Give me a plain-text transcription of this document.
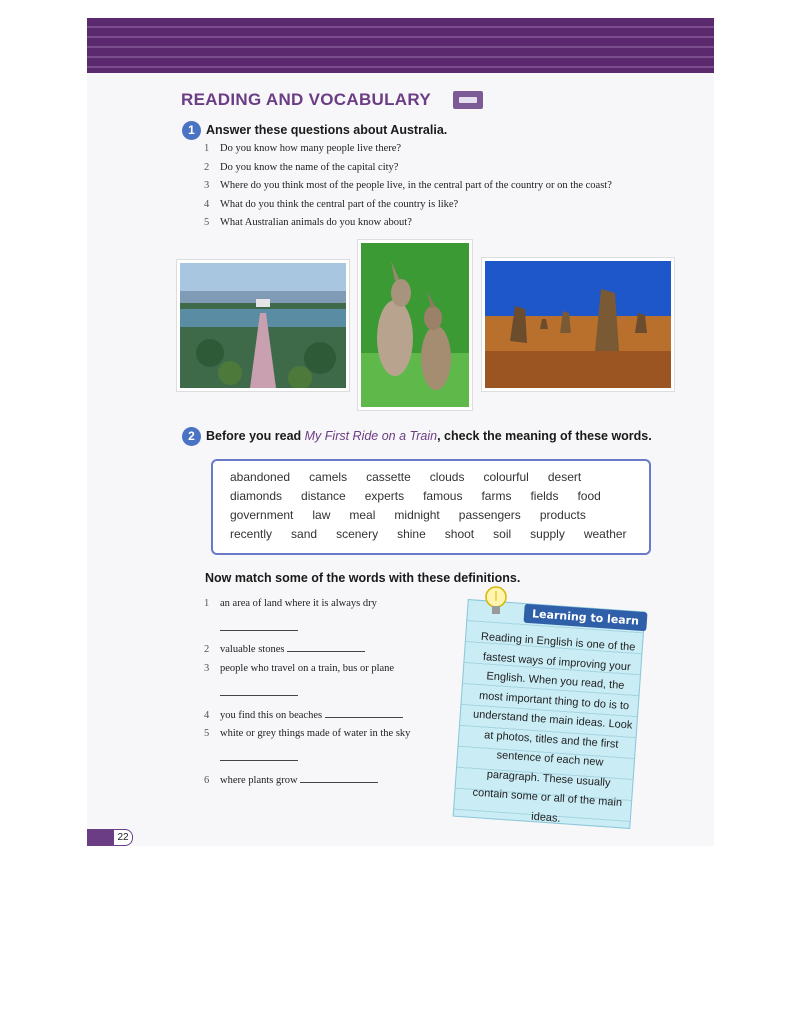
READING AND VOCABULARY
1 Answer these questions about Australia.
1 Do you know how many people live there?
2 Do you know the name of the capital city?
3 Where do you think most of the people live, in the central part of the country or on the coast?
4 What do you think the central part of the country is like?
5 What Australian animals do you know about?
2 Before you read My First Ride on a Train, check the meaning of these words.
abandoned camels cassette clouds colourful desert
diamonds distance experts famous farms fields food
government law meal midnight passengers products
recently sand scenery shine shoot soil supply weather
Now match some of the words with these definitions.
1 an area of land where it is always dry
2 valuable stones
3 people who travel on a train, bus or plane
4 you find this on beaches
5 white or grey things made of water in the sky
6 where plants grow
Learning to learn
Reading in English is one of the fastest ways of improving your English. When you read, the most important thing to do is to understand the main ideas. Look at photos, titles and the first sentence of each new paragraph. These usually contain some or all of the main ideas.
22
